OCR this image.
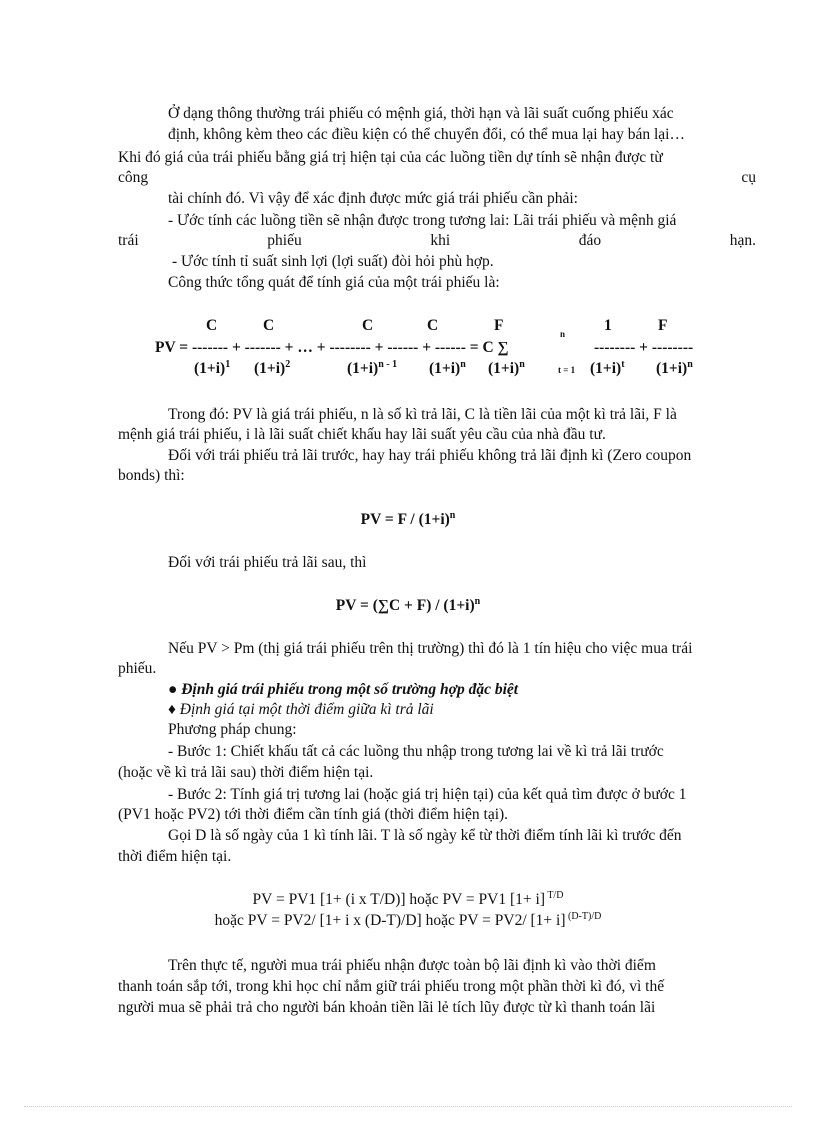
Ở dạng thông thường trái phiếu có mệnh giá, thời hạn và lãi suất cuống phiếu xác
định, không kèm theo các điều kiện có thể chuyển đổi, có thể mua lại hay bán lại…
Khi đó giá của trái phiếu bằng giá trị hiện tại của các luồng tiền dự tính sẽ nhận được từ
công	cụ
tài chính đó. Vì vậy để xác định được mức giá trái phiếu cần phải:
- Ước tính các luồng tiền sẽ nhận được trong tương lai: Lãi trái phiếu và mệnh giá
trái	phiếu	khi	đáo	hạn.
- Ước tính tỉ suất sinh lợi (lợi suất) đòi hỏi phù hợp.
Công thức tổng quát để tính giá của một trái phiếu là:
C	C	C	C	F	1	F
n
PV = ------- + ------- + … + -------- + ------ + ------ = C ∑	-------- + --------
$(1+i)^1$ $(1+i)^2$	$(1+i)^{n - 1}$ $(1+i)^n$ $(1+i)^n$
t = 1 $(1+i)^t$ $(1+i)^n$
Trong đó: PV là giá trái phiếu, n là số kì trả lãi, C là tiền lãi của một kì trả lãi, F là
mệnh giá trái phiếu, i là lãi suất chiết khấu hay lãi suất yêu cầu của nhà đầu tư.
Đối với trái phiếu trả lãi trước, hay hay trái phiếu không trả lãi định kì (Zero coupon
bonds) thì:
PV = $F / (1+i)^n$
Đối với trái phiếu trả lãi sau, thì
PV = $(\sum C + F) / (1+i)^n$
Nếu PV > Pm (thị giá trái phiếu trên thị trường) thì đó là 1 tín hiệu cho việc mua trái
phiếu.
● Định giá trái phiếu trong một số trường hợp đặc biệt
♦ Định giá tại một thời điểm giữa kì trả lãi
Phương pháp chung:
- Bước 1: Chiết khấu tất cả các luồng thu nhập trong tương lai về kì trả lãi trước
(hoặc về kì trả lãi sau) thời điểm hiện tại.
- Bước 2: Tính giá trị tương lai (hoặc giá trị hiện tại) của kết quả tìm được ở bước 1
(PV1 hoặc PV2) tới thời điểm cần tính giá (thời điểm hiện tại).
Gọi D là số ngày của 1 kì tính lãi. T là số ngày kể từ thời điểm tính lãi kì trước đến
thời điểm hiện tại.
PV = PV1 [1+ (i x T/D)] hoặc PV = PV1 [1+ i] $^{T/D}$
hoặc PV = PV2/ [1+ i x (D-T)/D] hoặc PV = PV2/ [1+ i] $^{(D-T)/D}$
Trên thực tế, người mua trái phiếu nhận được toàn bộ lãi định kì vào thời điểm
thanh toán sắp tới, trong khi học chỉ nắm giữ trái phiếu trong một phần thời kì đó, vì thế
người mua sẽ phải trả cho người bán khoản tiền lãi lẻ tích lũy được từ kì thanh toán lãi
